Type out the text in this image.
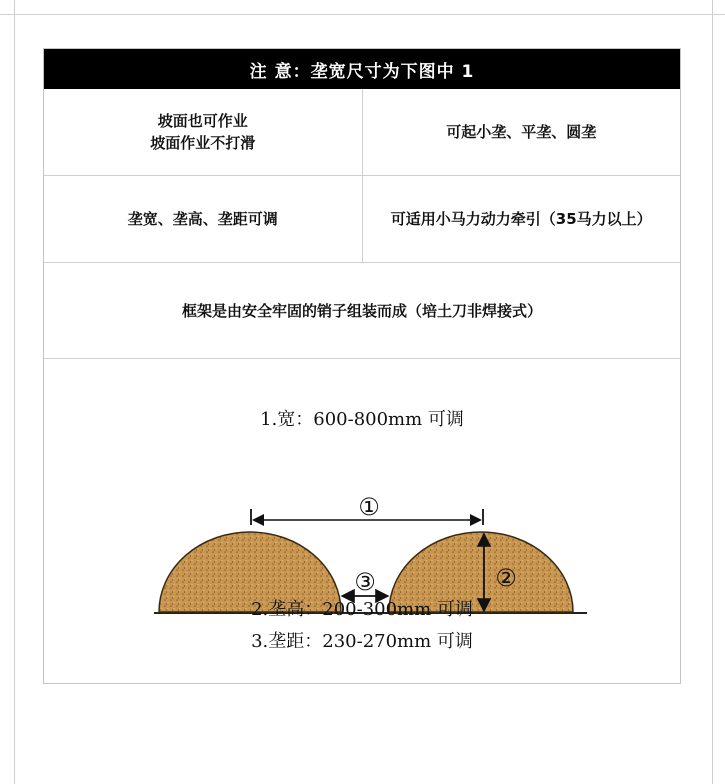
注 意：垄宽尺寸为下图中 1
坡面也可作业
坡面作业不打滑
可起小垄、平垄、圆垄
垄宽、垄高、垄距可调	可适用小马力动力牵引（35马力以上）
框架是由安全牢固的销子组装而成（培土刀非焊接式）
1.宽：600-800mm 可调
①
②
③
2.垄高：200-300mm 可调
3.垄距：230-270mm 可调
